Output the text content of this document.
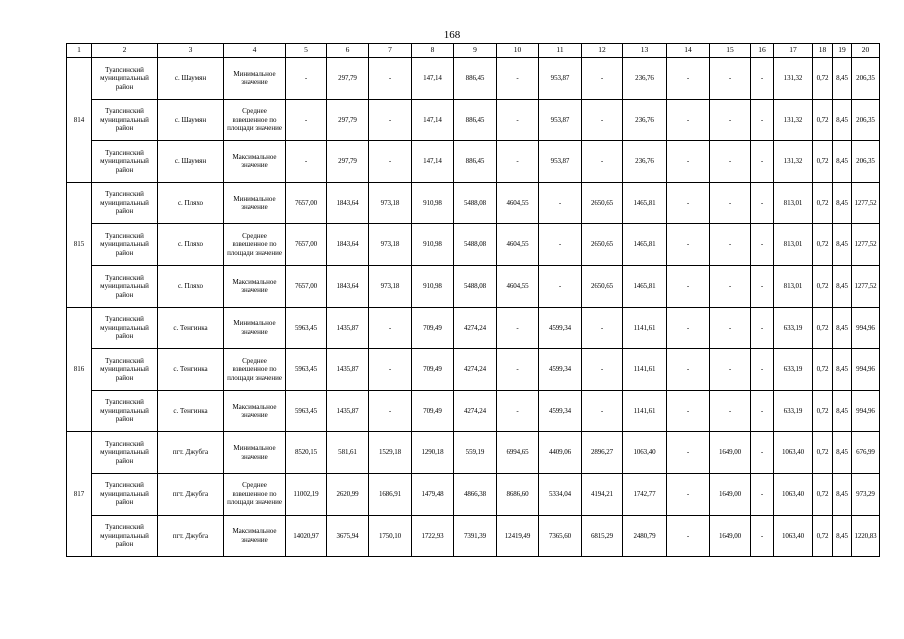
168
1	2	3	4	5	6	7	8	9	10	11	12	13	14	15	16	17	18	19	20
814	Туапсинский муниципальный район	с. Шаумян	Минимальное значение	-	297,79	-	147,14	886,45	-	953,87	-	236,76	-	-	-	131,32	0,72	8,45	206,35
	Туапсинский муниципальный район	с. Шаумян	Среднее взвешенное по площади значение	-	297,79	-	147,14	886,45	-	953,87	-	236,76	-	-	-	131,32	0,72	8,45	206,35
	Туапсинский муниципальный район	с. Шаумян	Максимальное значение	-	297,79	-	147,14	886,45	-	953,87	-	236,76	-	-	-	131,32	0,72	8,45	206,35
815	Туапсинский муниципальный район	с. Пляхо	Минимальное значение	7657,00	1843,64	973,18	910,98	5488,08	4604,55	-	2650,65	1465,81	-	-	-	813,01	0,72	8,45	1277,52
	Туапсинский муниципальный район	с. Пляхо	Среднее взвешенное по площади значение	7657,00	1843,64	973,18	910,98	5488,08	4604,55	-	2650,65	1465,81	-	-	-	813,01	0,72	8,45	1277,52
	Туапсинский муниципальный район	с. Пляхо	Максимальное значение	7657,00	1843,64	973,18	910,98	5488,08	4604,55	-	2650,65	1465,81	-	-	-	813,01	0,72	8,45	1277,52
816	Туапсинский муниципальный район	с. Тенгинка	Минимальное значение	5963,45	1435,87	-	709,49	4274,24	-	4599,34	-	1141,61	-	-	-	633,19	0,72	8,45	994,96
	Туапсинский муниципальный район	с. Тенгинка	Среднее взвешенное по площади значение	5963,45	1435,87	-	709,49	4274,24	-	4599,34	-	1141,61	-	-	-	633,19	0,72	8,45	994,96
	Туапсинский муниципальный район	с. Тенгинка	Максимальное значение	5963,45	1435,87	-	709,49	4274,24	-	4599,34	-	1141,61	-	-	-	633,19	0,72	8,45	994,96
817	Туапсинский муниципальный район	пгт. Джубга	Минимальное значение	8520,15	581,61	1529,18	1290,18	559,19	6994,65	4409,06	2896,27	1063,40	-	1649,00	-	1063,40	0,72	8,45	676,99
	Туапсинский муниципальный район	пгт. Джубга	Среднее взвешенное по площади значение	11002,19	2620,99	1686,91	1479,48	4866,38	8686,60	5334,04	4194,21	1742,77	-	1649,00	-	1063,40	0,72	8,45	973,29
	Туапсинский муниципальный район	пгт. Джубга	Максимальное значение	14020,97	3675,94	1750,10	1722,93	7391,39	12419,49	7365,60	6815,29	2480,79	-	1649,00	-	1063,40	0,72	8,45	1220,83
